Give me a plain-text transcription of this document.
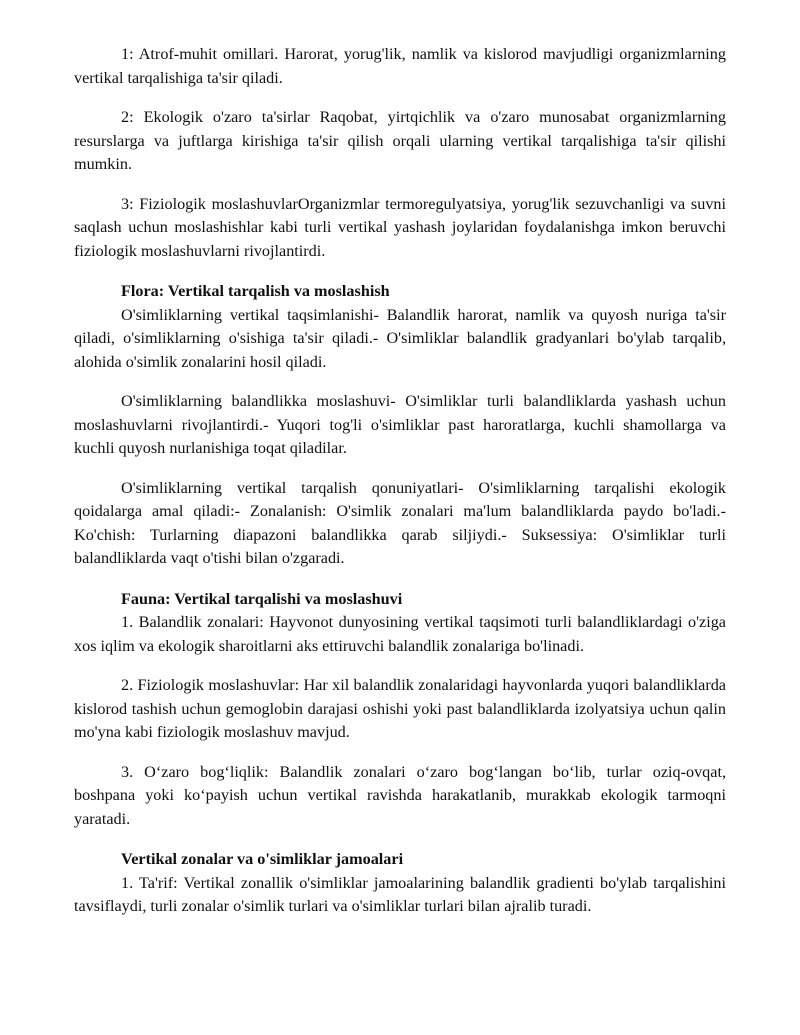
1: Atrof-muhit omillari. Harorat, yorug'lik, namlik va kislorod mavjudligi organizmlarning vertikal tarqalishiga ta'sir qiladi.

2: Ekologik o'zaro ta'sirlar Raqobat, yirtqichlik va o'zaro munosabat organizmlarning resurslarga va juftlarga kirishiga ta'sir qilish orqali ularning vertikal tarqalishiga ta'sir qilishi mumkin.

3: Fiziologik moslashuvlarOrganizmlar termoregulyatsiya, yorug'lik sezuvchanligi va suvni saqlash uchun moslashishlar kabi turli vertikal yashash joylaridan foydalanishga imkon beruvchi fiziologik moslashuvlarni rivojlantirdi.

Flora: Vertikal tarqalish va moslashish

O'simliklarning vertikal taqsimlanishi- Balandlik harorat, namlik va quyosh nuriga ta'sir qiladi, o'simliklarning o'sishiga ta'sir qiladi.- O'simliklar balandlik gradyanlari bo'ylab tarqalib, alohida o'simlik zonalarini hosil qiladi.

O'simliklarning balandlikka moslashuvi- O'simliklar turli balandliklarda yashash uchun moslashuvlarni rivojlantirdi.- Yuqori tog'li o'simliklar past haroratlarga, kuchli shamollarga va kuchli quyosh nurlanishiga toqat qiladilar.

O'simliklarning vertikal tarqalish qonuniyatlari- O'simliklarning tarqalishi ekologik qoidalarga amal qiladi:- Zonalanish: O'simlik zonalari ma'lum balandliklarda paydo bo'ladi.- Ko'chish: Turlarning diapazoni balandlikka qarab siljiydi.- Suksessiya: O'simliklar turli balandliklarda vaqt o'tishi bilan o'zgaradi.

Fauna: Vertikal tarqalishi va moslashuvi

1. Balandlik zonalari: Hayvonot dunyosining vertikal taqsimoti turli balandliklardagi o'ziga xos iqlim va ekologik sharoitlarni aks ettiruvchi balandlik zonalariga bo'linadi.

2. Fiziologik moslashuvlar: Har xil balandlik zonalaridagi hayvonlarda yuqori balandliklarda kislorod tashish uchun gemoglobin darajasi oshishi yoki past balandliklarda izolyatsiya uchun qalin mo'yna kabi fiziologik moslashuv mavjud.

3. O‘zaro bog‘liqlik: Balandlik zonalari o‘zaro bog‘langan bo‘lib, turlar oziq-ovqat, boshpana yoki ko‘payish uchun vertikal ravishda harakatlanib, murakkab ekologik tarmoqni yaratadi.

Vertikal zonalar va o'simliklar jamoalari

1. Ta'rif: Vertikal zonallik o'simliklar jamoalarining balandlik gradienti bo'ylab tarqalishini tavsiflaydi, turli zonalar o'simlik turlari va o'simliklar turlari bilan ajralib turadi.
